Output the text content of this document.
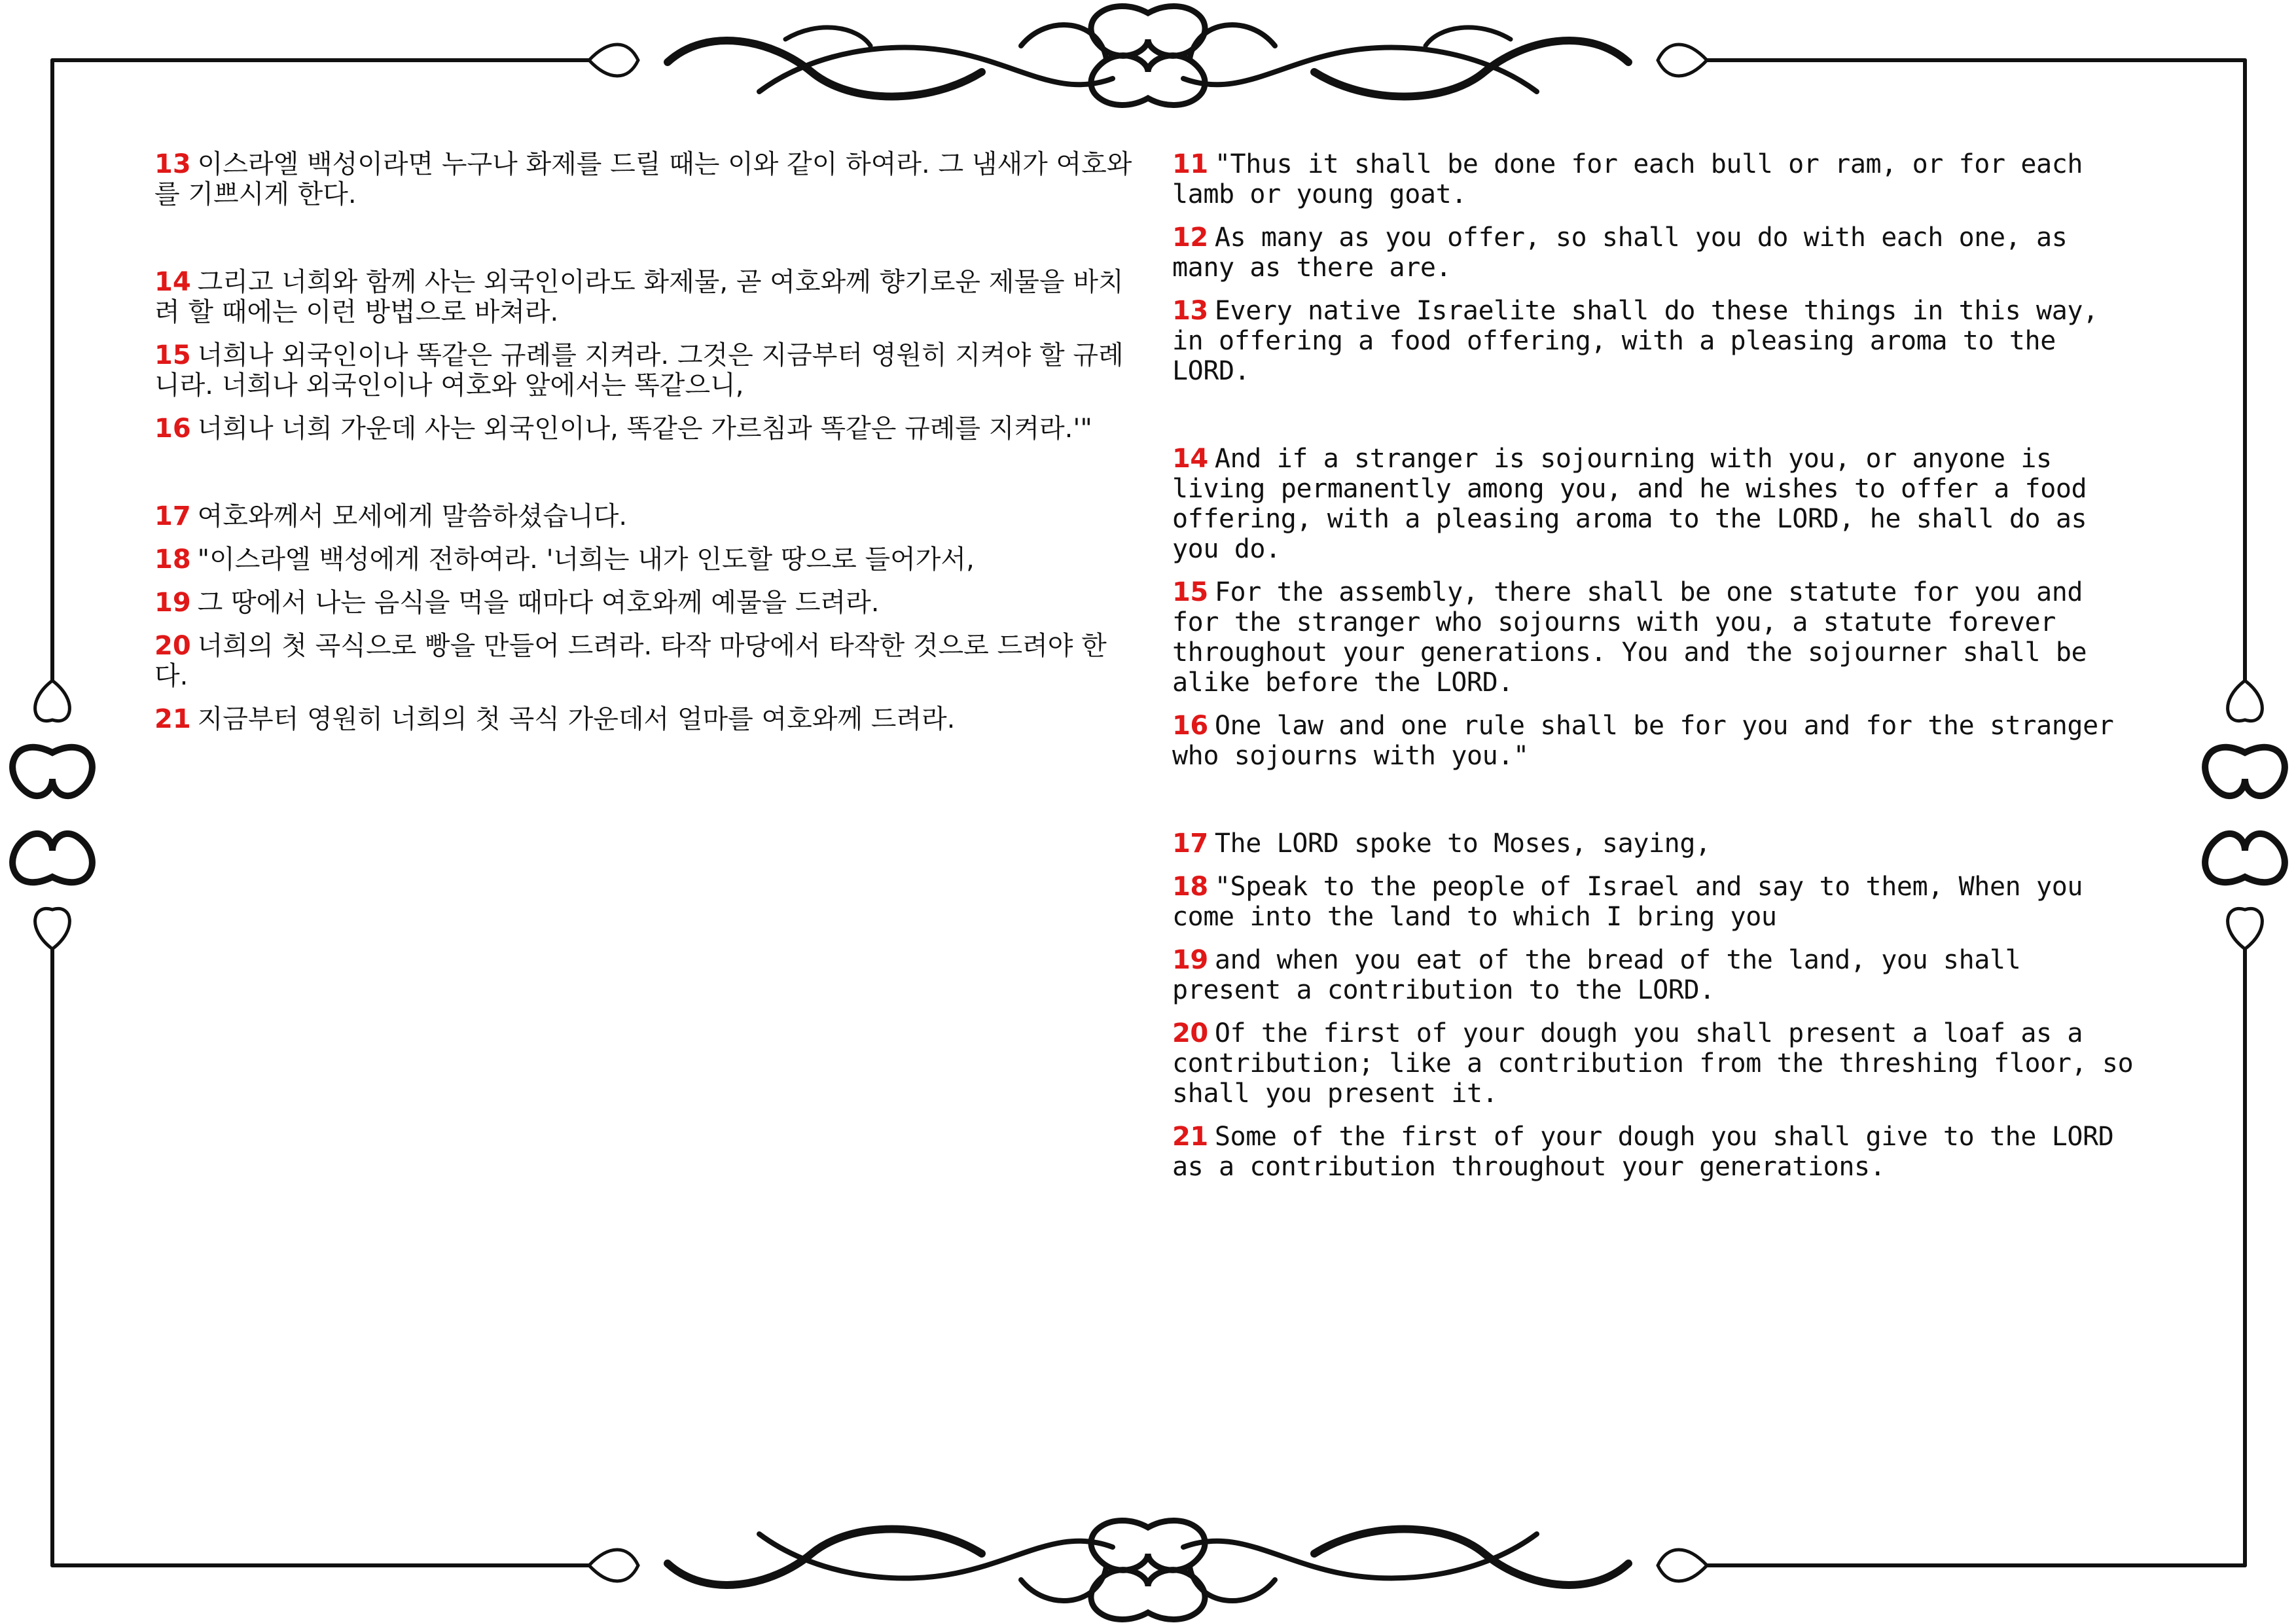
13 이스라엘 백성이라면 누구나 화제를 드릴 때는 이와 같이 하여라. 그 냄새가 여호와를 기쁘시게 한다.

14 그리고 너희와 함께 사는 외국인이라도 화제물, 곧 여호와께 향기로운 제물을 바치려 할 때에는 이런 방법으로 바쳐라.

15 너희나 외국인이나 똑같은 규례를 지켜라. 그것은 지금부터 영원히 지켜야 할 규례니라. 너희나 외국인이나 여호와 앞에서는 똑같으니,

16 너희나 너희 가운데 사는 외국인이나, 똑같은 가르침과 똑같은 규례를 지켜라.'"

17 여호와께서 모세에게 말씀하셨습니다.

18 "이스라엘 백성에게 전하여라. '너희는 내가 인도할 땅으로 들어가서,

19 그 땅에서 나는 음식을 먹을 때마다 여호와께 예물을 드려라.

20 너희의 첫 곡식으로 빵을 만들어 드려라. 타작 마당에서 타작한 것으로 드려야 한다.

21 지금부터 영원히 너희의 첫 곡식 가운데서 얼마를 여호와께 드려라.

11 "Thus it shall be done for each bull or ram, or for each lamb or young goat.

12 As many as you offer, so shall you do with each one, as many as there are.

13 Every native Israelite shall do these things in this way, in offering a food offering, with a pleasing aroma to the LORD.

14 And if a stranger is sojourning with you, or anyone is living permanently among you, and he wishes to offer a food offering, with a pleasing aroma to the LORD, he shall do as you do.

15 For the assembly, there shall be one statute for you and for the stranger who sojourns with you, a statute forever throughout your generations. You and the sojourner shall be alike before the LORD.

16 One law and one rule shall be for you and for the stranger who sojourns with you."

17 The LORD spoke to Moses, saying,

18 "Speak to the people of Israel and say to them, When you come into the land to which I bring you

19 and when you eat of the bread of the land, you shall present a contribution to the LORD.

20 Of the first of your dough you shall present a loaf as a contribution; like a contribution from the threshing floor, so shall you present it.

21 Some of the first of your dough you shall give to the LORD as a contribution throughout your generations.
